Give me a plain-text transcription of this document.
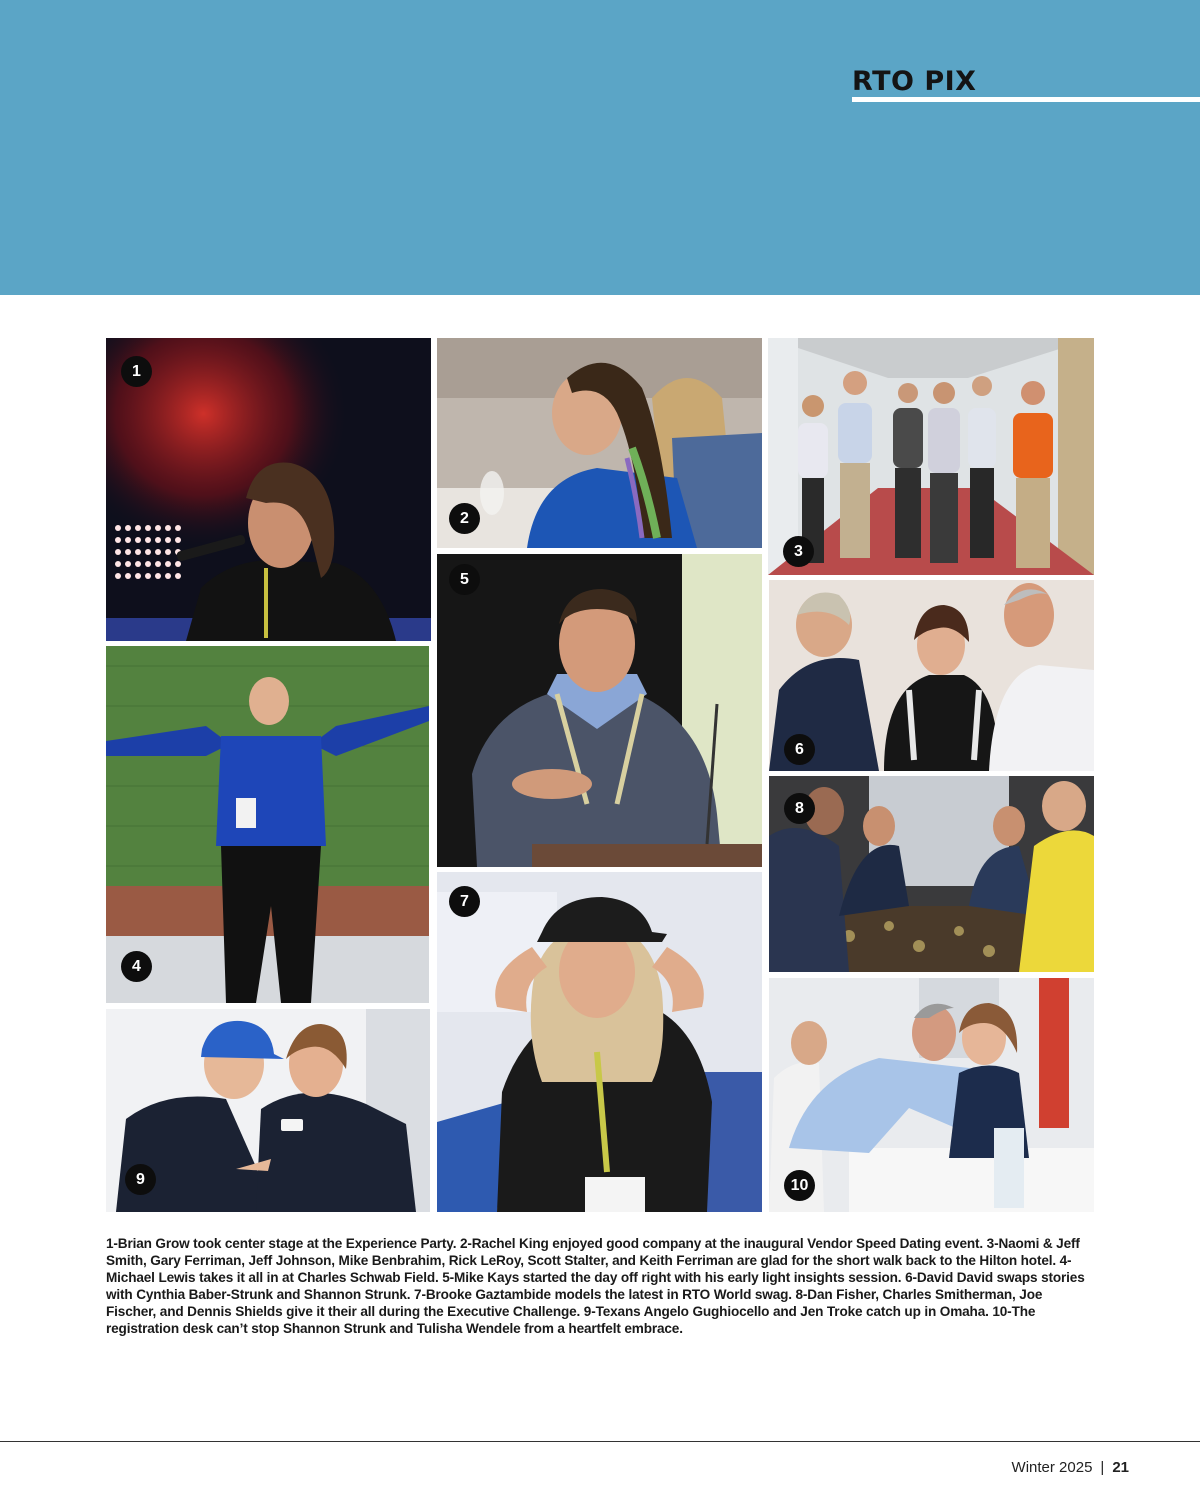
RTO PIX
1
2
3
4
5
6
7
8
9	10

1-Brian Grow took center stage at the Experience Party. 2-Rachel King enjoyed good company at the inaugural Vendor Speed Dating event. 3-Naomi & Jeff Smith, Gary Ferriman, Jeff Johnson, Mike Benbrahim, Rick LeRoy, Scott Stalter, and Keith Ferriman are glad for the short walk back to the Hilton hotel. 4-Michael Lewis takes it all in at Charles Schwab Field. 5-Mike Kays started the day off right with his early light insights session. 6-David David swaps stories with Cynthia Baber-Strunk and Shannon Strunk. 7-Brooke Gaztambide models the latest in RTO World swag. 8-Dan Fisher, Charles Smitherman, Joe Fischer, and Dennis Shields give it their all during the Executive Challenge. 9-Texans Angelo Gughiocello and Jen Troke catch up in Omaha. 10-The registration desk can’t stop Shannon Strunk and Tulisha Wendele from a heartfelt embrace.

Winter 2025 | 21
